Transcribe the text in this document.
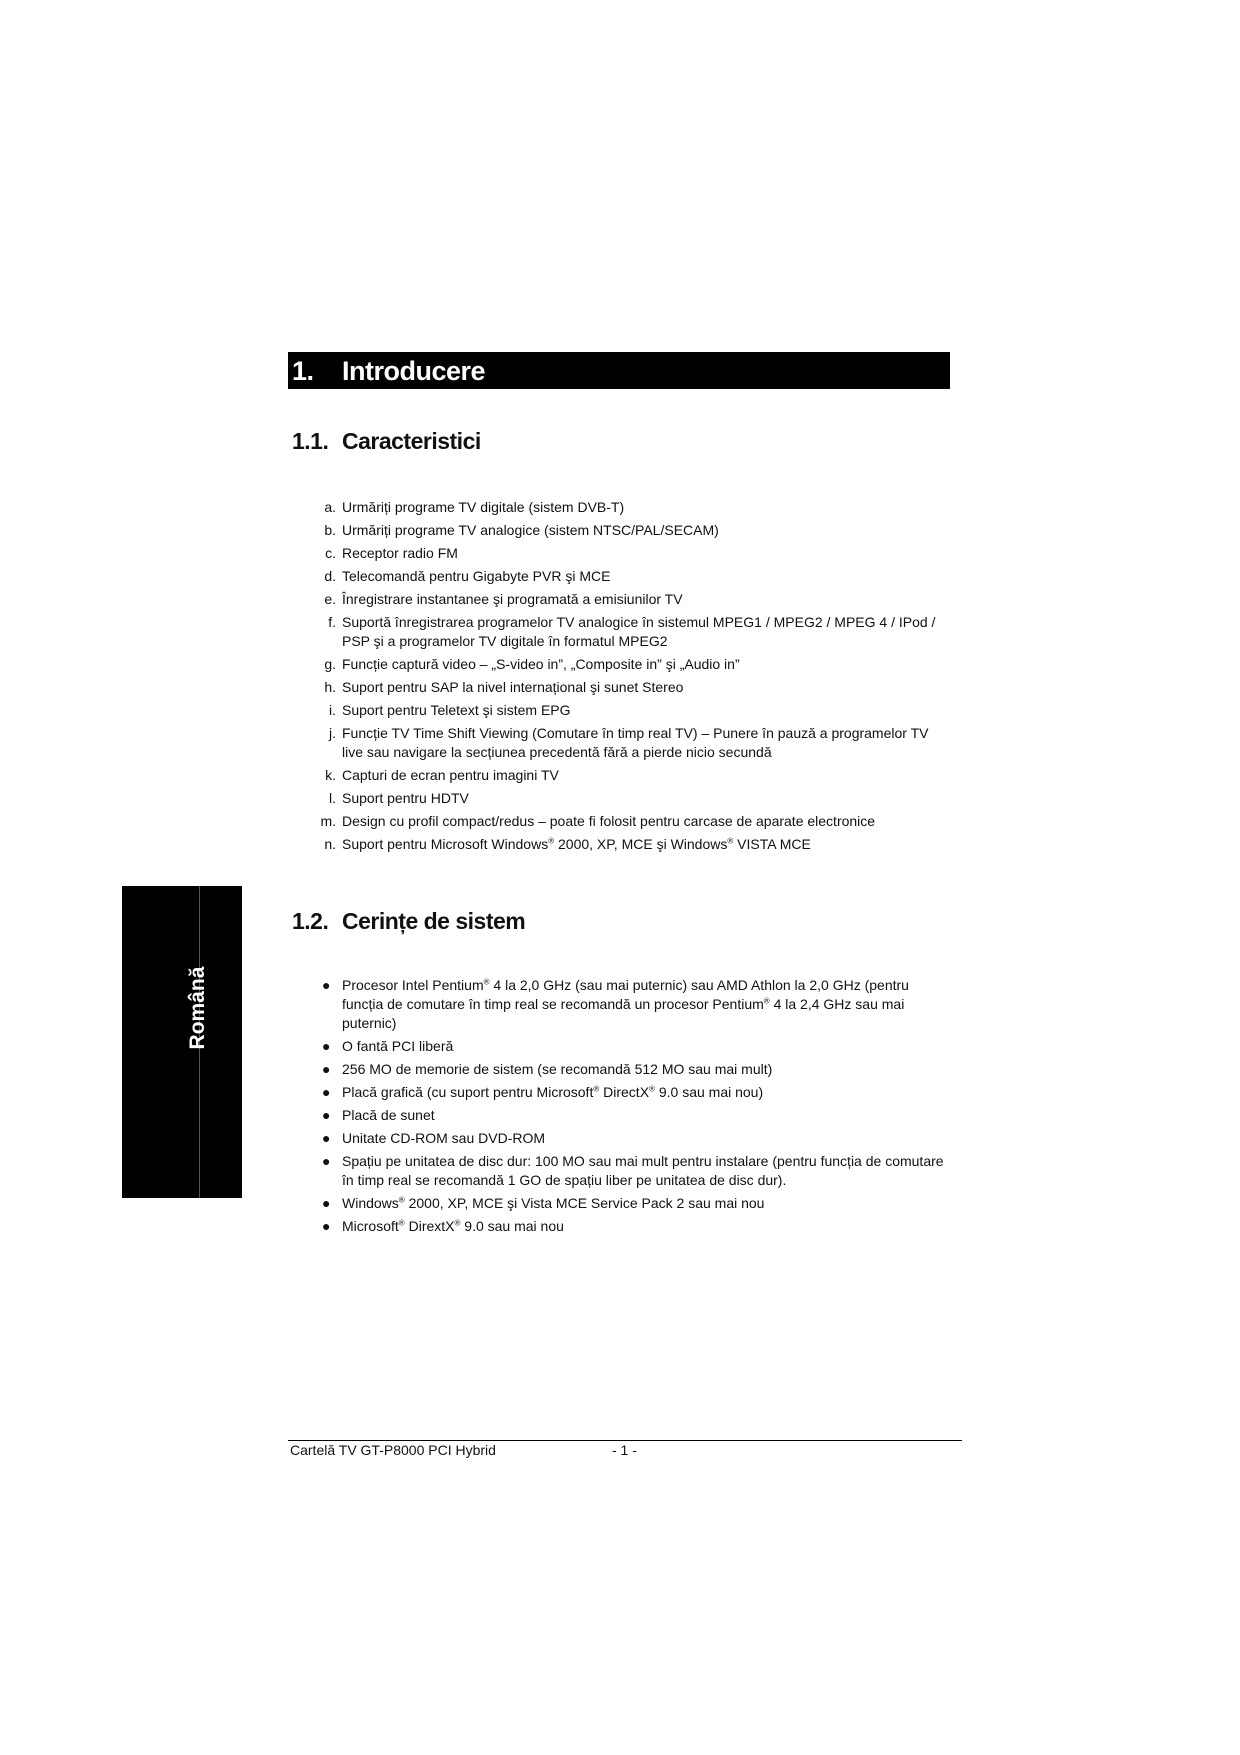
1. Introducere
1.1. Caracteristici
a. Urmăriți programe TV digitale (sistem DVB-T)
b. Urmăriți programe TV analogice (sistem NTSC/PAL/SECAM)
c. Receptor radio FM
d. Telecomandă pentru Gigabyte PVR şi MCE
e. Înregistrare instantanee şi programată a emisiunilor TV
f. Suportă înregistrarea programelor TV analogice în sistemul MPEG1 / MPEG2 / MPEG 4 / IPod / PSP şi a programelor TV digitale în formatul MPEG2
g. Funcție captură video – „S-video in”, „Composite in” şi „Audio in”
h. Suport pentru SAP la nivel internațional şi sunet Stereo
i. Suport pentru Teletext şi sistem EPG
j. Funcție TV Time Shift Viewing (Comutare în timp real TV) – Punere în pauză a programelor TV live sau navigare la secțiunea precedentă fără a pierde nicio secundă
k. Capturi de ecran pentru imagini TV
l. Suport pentru HDTV
m. Design cu profil compact/redus – poate fi folosit pentru carcase de aparate electronice
n. Suport pentru Microsoft Windows® 2000, XP, MCE şi Windows® VISTA MCE
1.2. Cerințe de sistem
● Procesor Intel Pentium® 4 la 2,0 GHz (sau mai puternic) sau AMD Athlon la 2,0 GHz (pentru funcția de comutare în timp real se recomandă un procesor Pentium® 4 la 2,4 GHz sau mai puternic)
● O fantă PCI liberă
● 256 MO de memorie de sistem (se recomandă 512 MO sau mai mult)
● Placă grafică (cu suport pentru Microsoft® DirectX® 9.0 sau mai nou)
● Placă de sunet
● Unitate CD-ROM sau DVD-ROM
● Spațiu pe unitatea de disc dur: 100 MO sau mai mult pentru instalare (pentru funcția de comutare în timp real se recomandă 1 GO de spațiu liber pe unitatea de disc dur).
● Windows® 2000, XP, MCE şi Vista MCE Service Pack 2 sau mai nou
● Microsoft® DirextX® 9.0 sau mai nou
Română
Cartelă TV GT-P8000 PCI Hybrid	- 1 -
